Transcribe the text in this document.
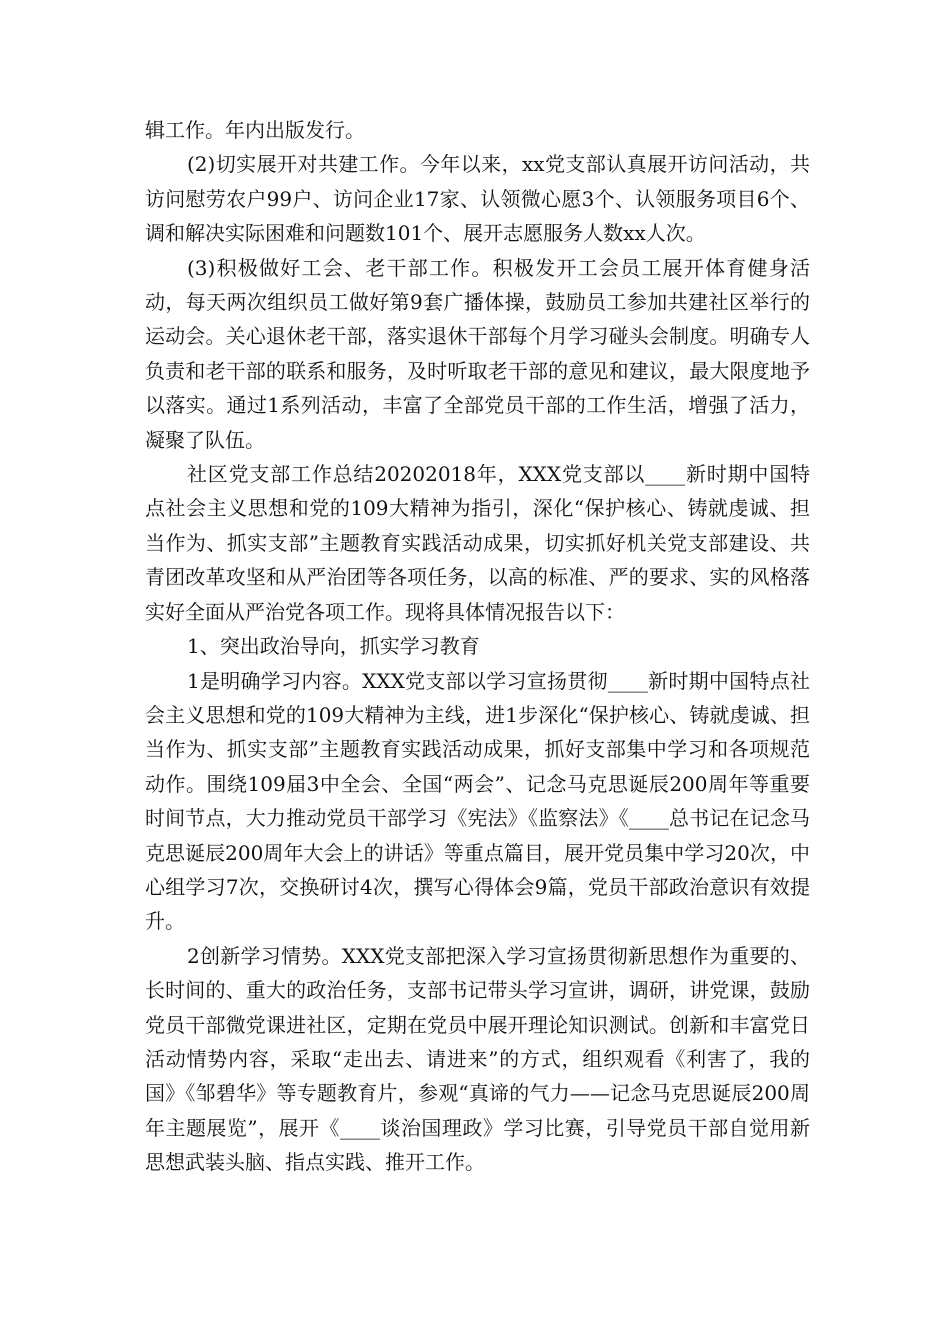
辑工作。年内出版发行。

(2)切实展开对共建工作。今年以来，xx党支部认真展开访问活动，共访问慰劳农户99户、访问企业17家、认领微心愿3个、认领服务项目6个、调和解决实际困难和问题数101个、展开志愿服务人数xx人次。

(3)积极做好工会、老干部工作。积极发开工会员工展开体育健身活动，每天两次组织员工做好第9套广播体操，鼓励员工参加共建社区举行的运动会。关心退休老干部，落实退休干部每个月学习碰头会制度。明确专人负责和老干部的联系和服务，及时听取老干部的意见和建议，最大限度地予以落实。通过1系列活动，丰富了全部党员干部的工作生活，增强了活力，凝聚了队伍。

社区党支部工作总结20202018年，XXX党支部以____新时期中国特点社会主义思想和党的109大精神为指引，深化“保护核心、铸就虔诚、担当作为、抓实支部”主题教育实践活动成果，切实抓好机关党支部建设、共青团改革攻坚和从严治团等各项任务，以高的标准、严的要求、实的风格落实好全面从严治党各项工作。现将具体情况报告以下：

1、突出政治导向，抓实学习教育

1是明确学习内容。XXX党支部以学习宣扬贯彻____新时期中国特点社会主义思想和党的109大精神为主线，进1步深化“保护核心、铸就虔诚、担当作为、抓实支部”主题教育实践活动成果，抓好支部集中学习和各项规范动作。围绕109届3中全会、全国“两会”、记念马克思诞辰200周年等重要时间节点，大力推动党员干部学习《宪法》《监察法》《____总书记在记念马克思诞辰200周年大会上的讲话》等重点篇目，展开党员集中学习20次，中心组学习7次，交换研讨4次，撰写心得体会9篇，党员干部政治意识有效提升。

2创新学习情势。XXX党支部把深入学习宣扬贯彻新思想作为重要的、长时间的、重大的政治任务，支部书记带头学习宣讲，调研，讲党课，鼓励党员干部微党课进社区，定期在党员中展开理论知识测试。创新和丰富党日活动情势内容，采取“走出去、请进来”的方式，组织观看《利害了，我的国》《邹碧华》等专题教育片，参观“真谛的气力——记念马克思诞辰200周年主题展览”，展开《____谈治国理政》学习比赛，引导党员干部自觉用新思想武装头脑、指点实践、推开工作。
